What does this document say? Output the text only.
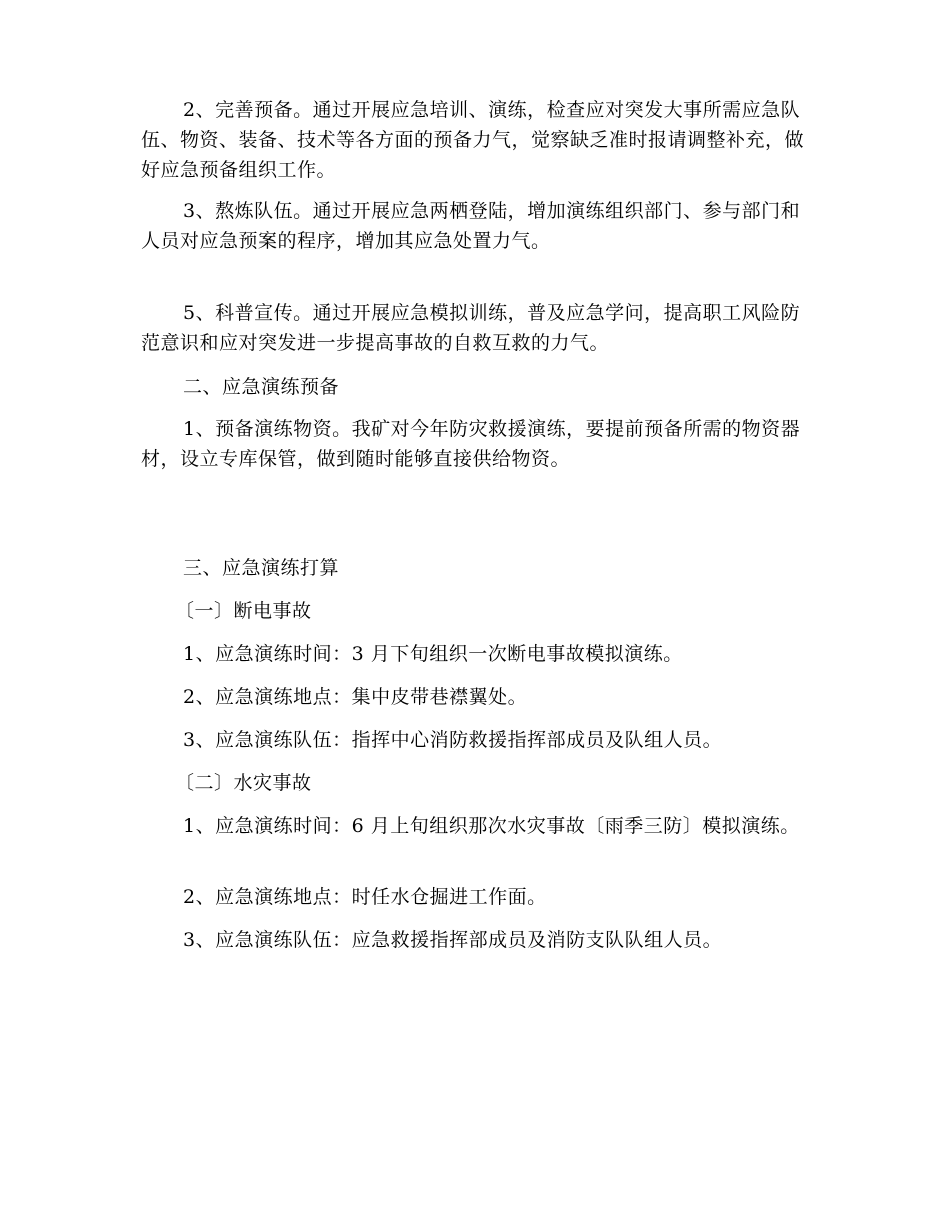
2、完善预备。通过开展应急培训、演练，检查应对突发大事所需应急队伍、物资、装备、技术等各方面的预备力气，觉察缺乏准时报请调整补充，做好应急预备组织工作。

3、熬炼队伍。通过开展应急两栖登陆，增加演练组织部门、参与部门和人员对应急预案的程序，增加其应急处置力气。

5、科普宣传。通过开展应急模拟训练，普及应急学问，提高职工风险防范意识和应对突发进一步提高事故的自救互救的力气。

二、应急演练预备

1、预备演练物资。我矿对今年防灾救援演练，要提前预备所需的物资器材，设立专库保管，做到随时能够直接供给物资。

三、应急演练打算

〔一〕断电事故

1、应急演练时间：3 月下旬组织一次断电事故模拟演练。

2、应急演练地点：集中皮带巷襟翼处。

3、应急演练队伍：指挥中心消防救援指挥部成员及队组人员。

〔二〕水灾事故

1、应急演练时间：6 月上旬组织那次水灾事故〔雨季三防〕模拟演练。

2、应急演练地点：时任水仓掘进工作面。

3、应急演练队伍：应急救援指挥部成员及消防支队队组人员。
